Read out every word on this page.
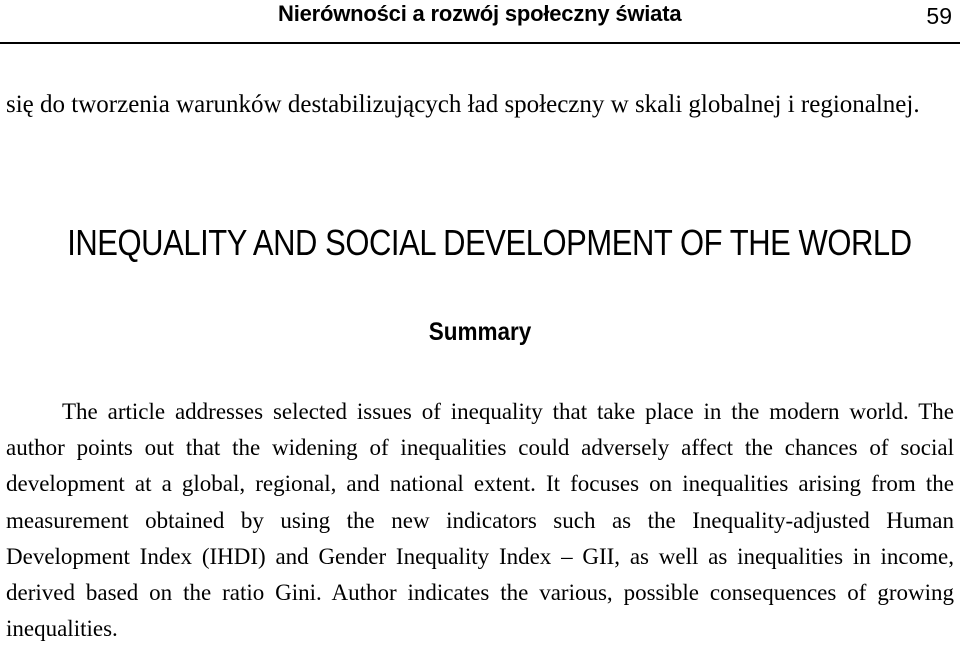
Nierówności a rozwój społeczny świata	59

się do tworzenia warunków destabilizujących ład społeczny w skali globalnej i regionalnej.

INEQUALITY AND SOCIAL DEVELOPMENT OF THE WORLD
Summary

The article addresses selected issues of inequality that take place in the modern world. The author points out that the widening of inequalities could adversely affect the chances of social development at a global, regional, and national extent. It focuses on inequalities arising from the measurement obtained by using the new indicators such as the Inequality-adjusted Human Development Index (IHDI) and Gender Inequality Index – GII, as well as inequalities in income, derived based on the ratio Gini. Author indicates the various, possible consequences of growing inequalities.
